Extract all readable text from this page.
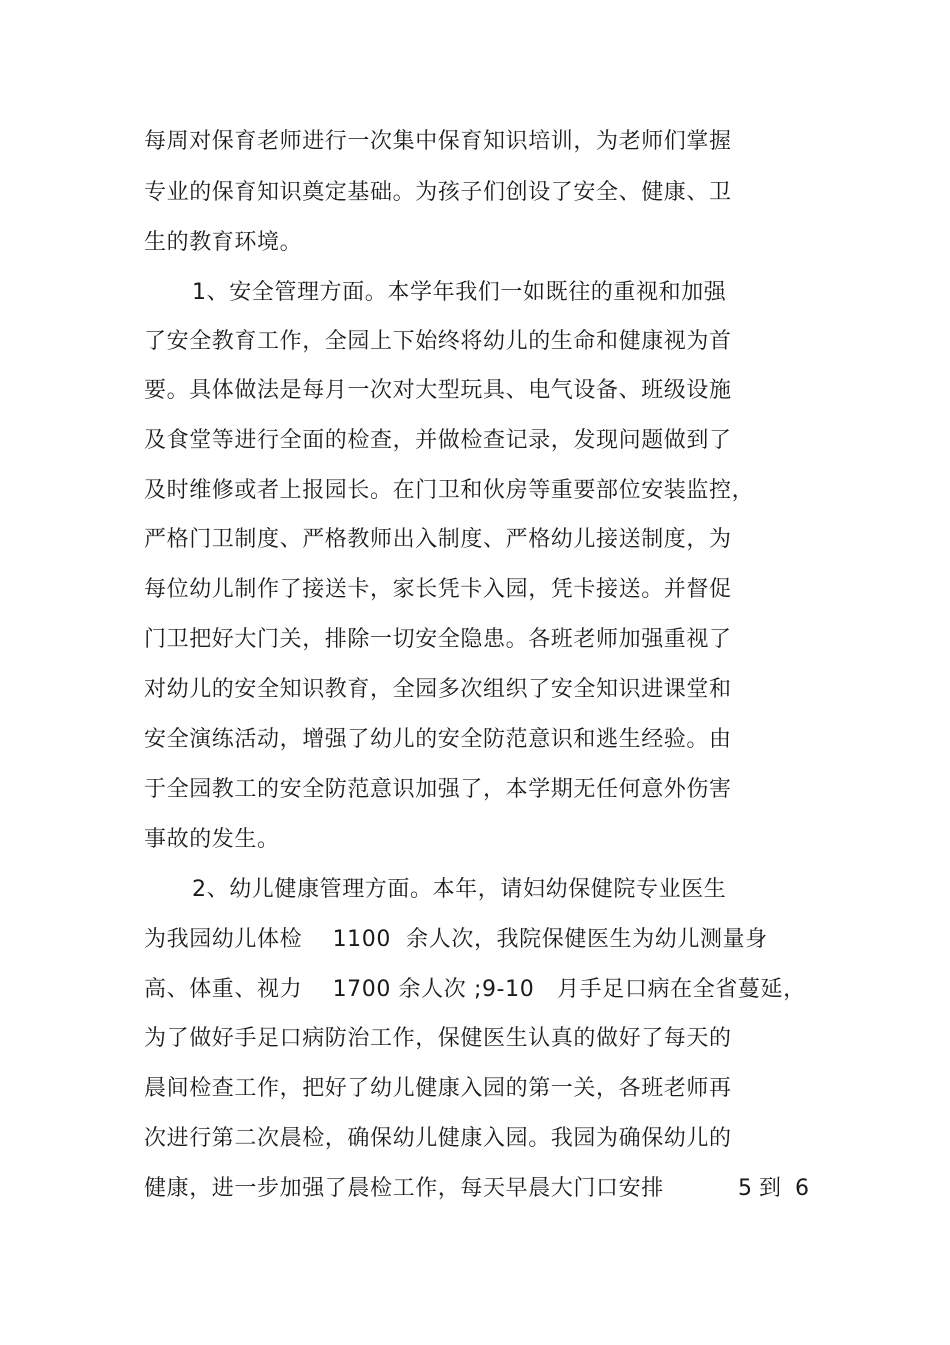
每周对保育老师进行一次集中保育知识培训，为老师们掌握
专业的保育知识奠定基础。为孩子们创设了安全、健康、卫
生的教育环境。
1、安全管理方面。本学年我们一如既往的重视和加强
了安全教育工作，全园上下始终将幼儿的生命和健康视为首
要。具体做法是每月一次对大型玩具、电气设备、班级设施
及食堂等进行全面的检查，并做检查记录，发现问题做到了
及时维修或者上报园长。在门卫和伙房等重要部位安装监控，
严格门卫制度、严格教师出入制度、严格幼儿接送制度，为
每位幼儿制作了接送卡，家长凭卡入园，凭卡接送。并督促
门卫把好大门关，排除一切安全隐患。各班老师加强重视了
对幼儿的安全知识教育，全园多次组织了安全知识进课堂和
安全演练活动，增强了幼儿的安全防范意识和逃生经验。由
于全园教工的安全防范意识加强了，本学期无任何意外伤害
事故的发生。
2、幼儿健康管理方面。本年，请妇幼保健院专业医生
为我园幼儿体检    1100  余人次，我院保健医生为幼儿测量身
高、体重、视力    1700 余人次 ;9-10   月手足口病在全省蔓延，
为了做好手足口病防治工作，保健医生认真的做好了每天的
晨间检查工作，把好了幼儿健康入园的第一关，各班老师再
次进行第二次晨检，确保幼儿健康入园。我园为确保幼儿的
健康，进一步加强了晨检工作，每天早晨大门口安排	5 到  6
